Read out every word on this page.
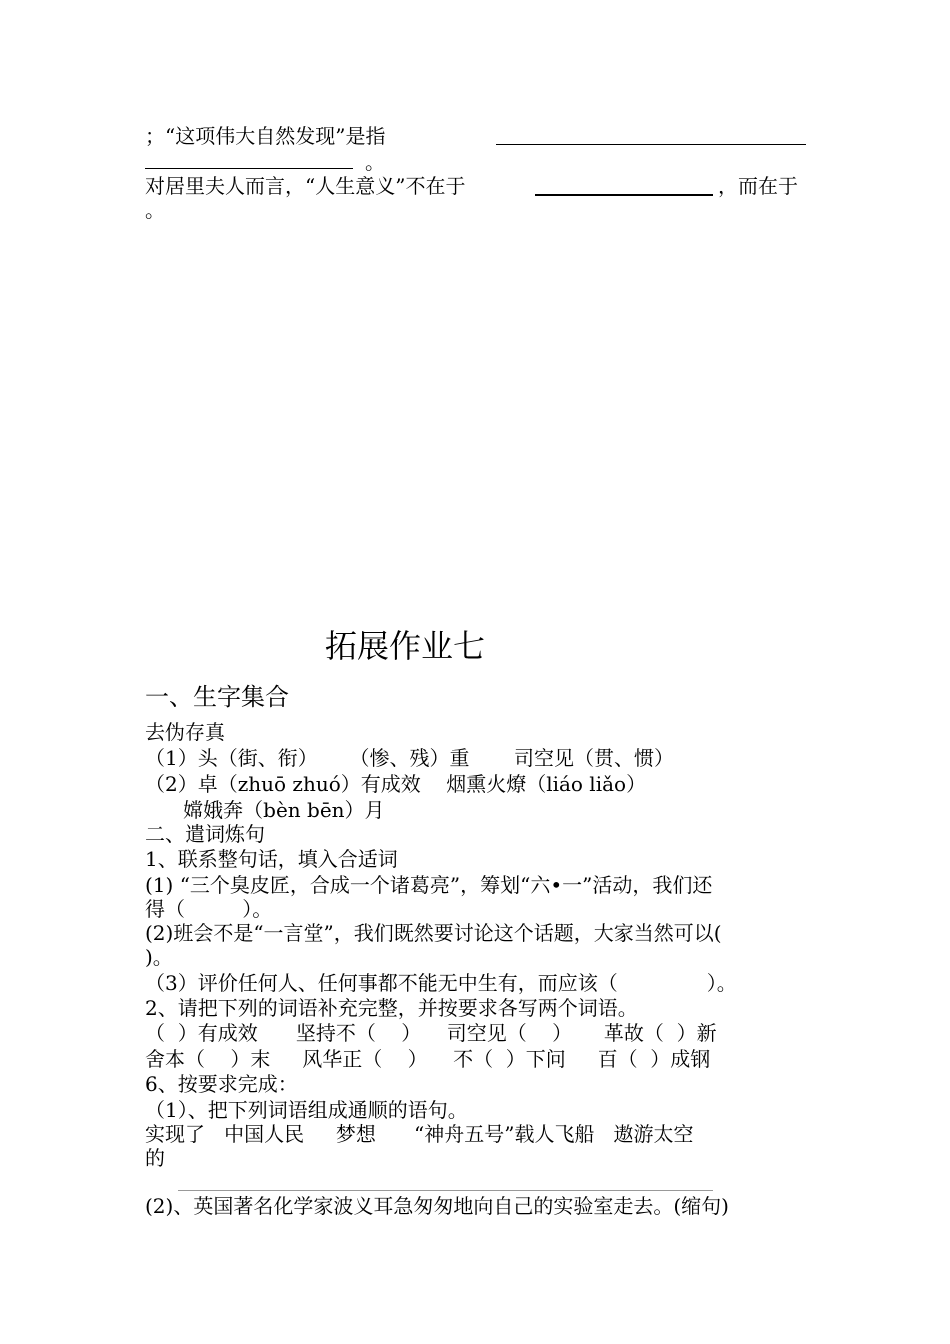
；“这项伟大自然发现”是指
。
对居里夫人而言，“人生意义”不在于	，而在于
。
拓展作业七
一、生字集合
去伪存真
（1）头（街、衔）     （惨、残）重       司空见（贯、惯）
（2）卓（zhuō zhuó）有成效    烟熏火燎（liáo liǎo）
嫦娥奔（bèn bēn）月
二、遣词炼句
1、联系整句话，填入合适词
(1) “三个臭皮匠，合成一个诸葛亮”，筹划“六•一”活动，我们还
得（         ）。
(2)班会不是“一言堂”，我们既然要讨论这个话题，大家当然可以(
)。
（3）评价任何人、任何事都不能无中生有，而应该（              ）。
2、请把下列的词语补充完整，并按要求各写两个词语。
（  ）有成效      坚持不（    ）    司空见（    ）     革故（  ）新
舍本（    ）末     风华正（    ）    不（  ）下问     百（  ）成钢
6、按要求完成：
（1）、把下列词语组成通顺的语句。
实现了   中国人民     梦想      “神舟五号”载人飞船   遨游太空
的
(2)、英国著名化学家波义耳急匆匆地向自己的实验室走去。(缩句)
